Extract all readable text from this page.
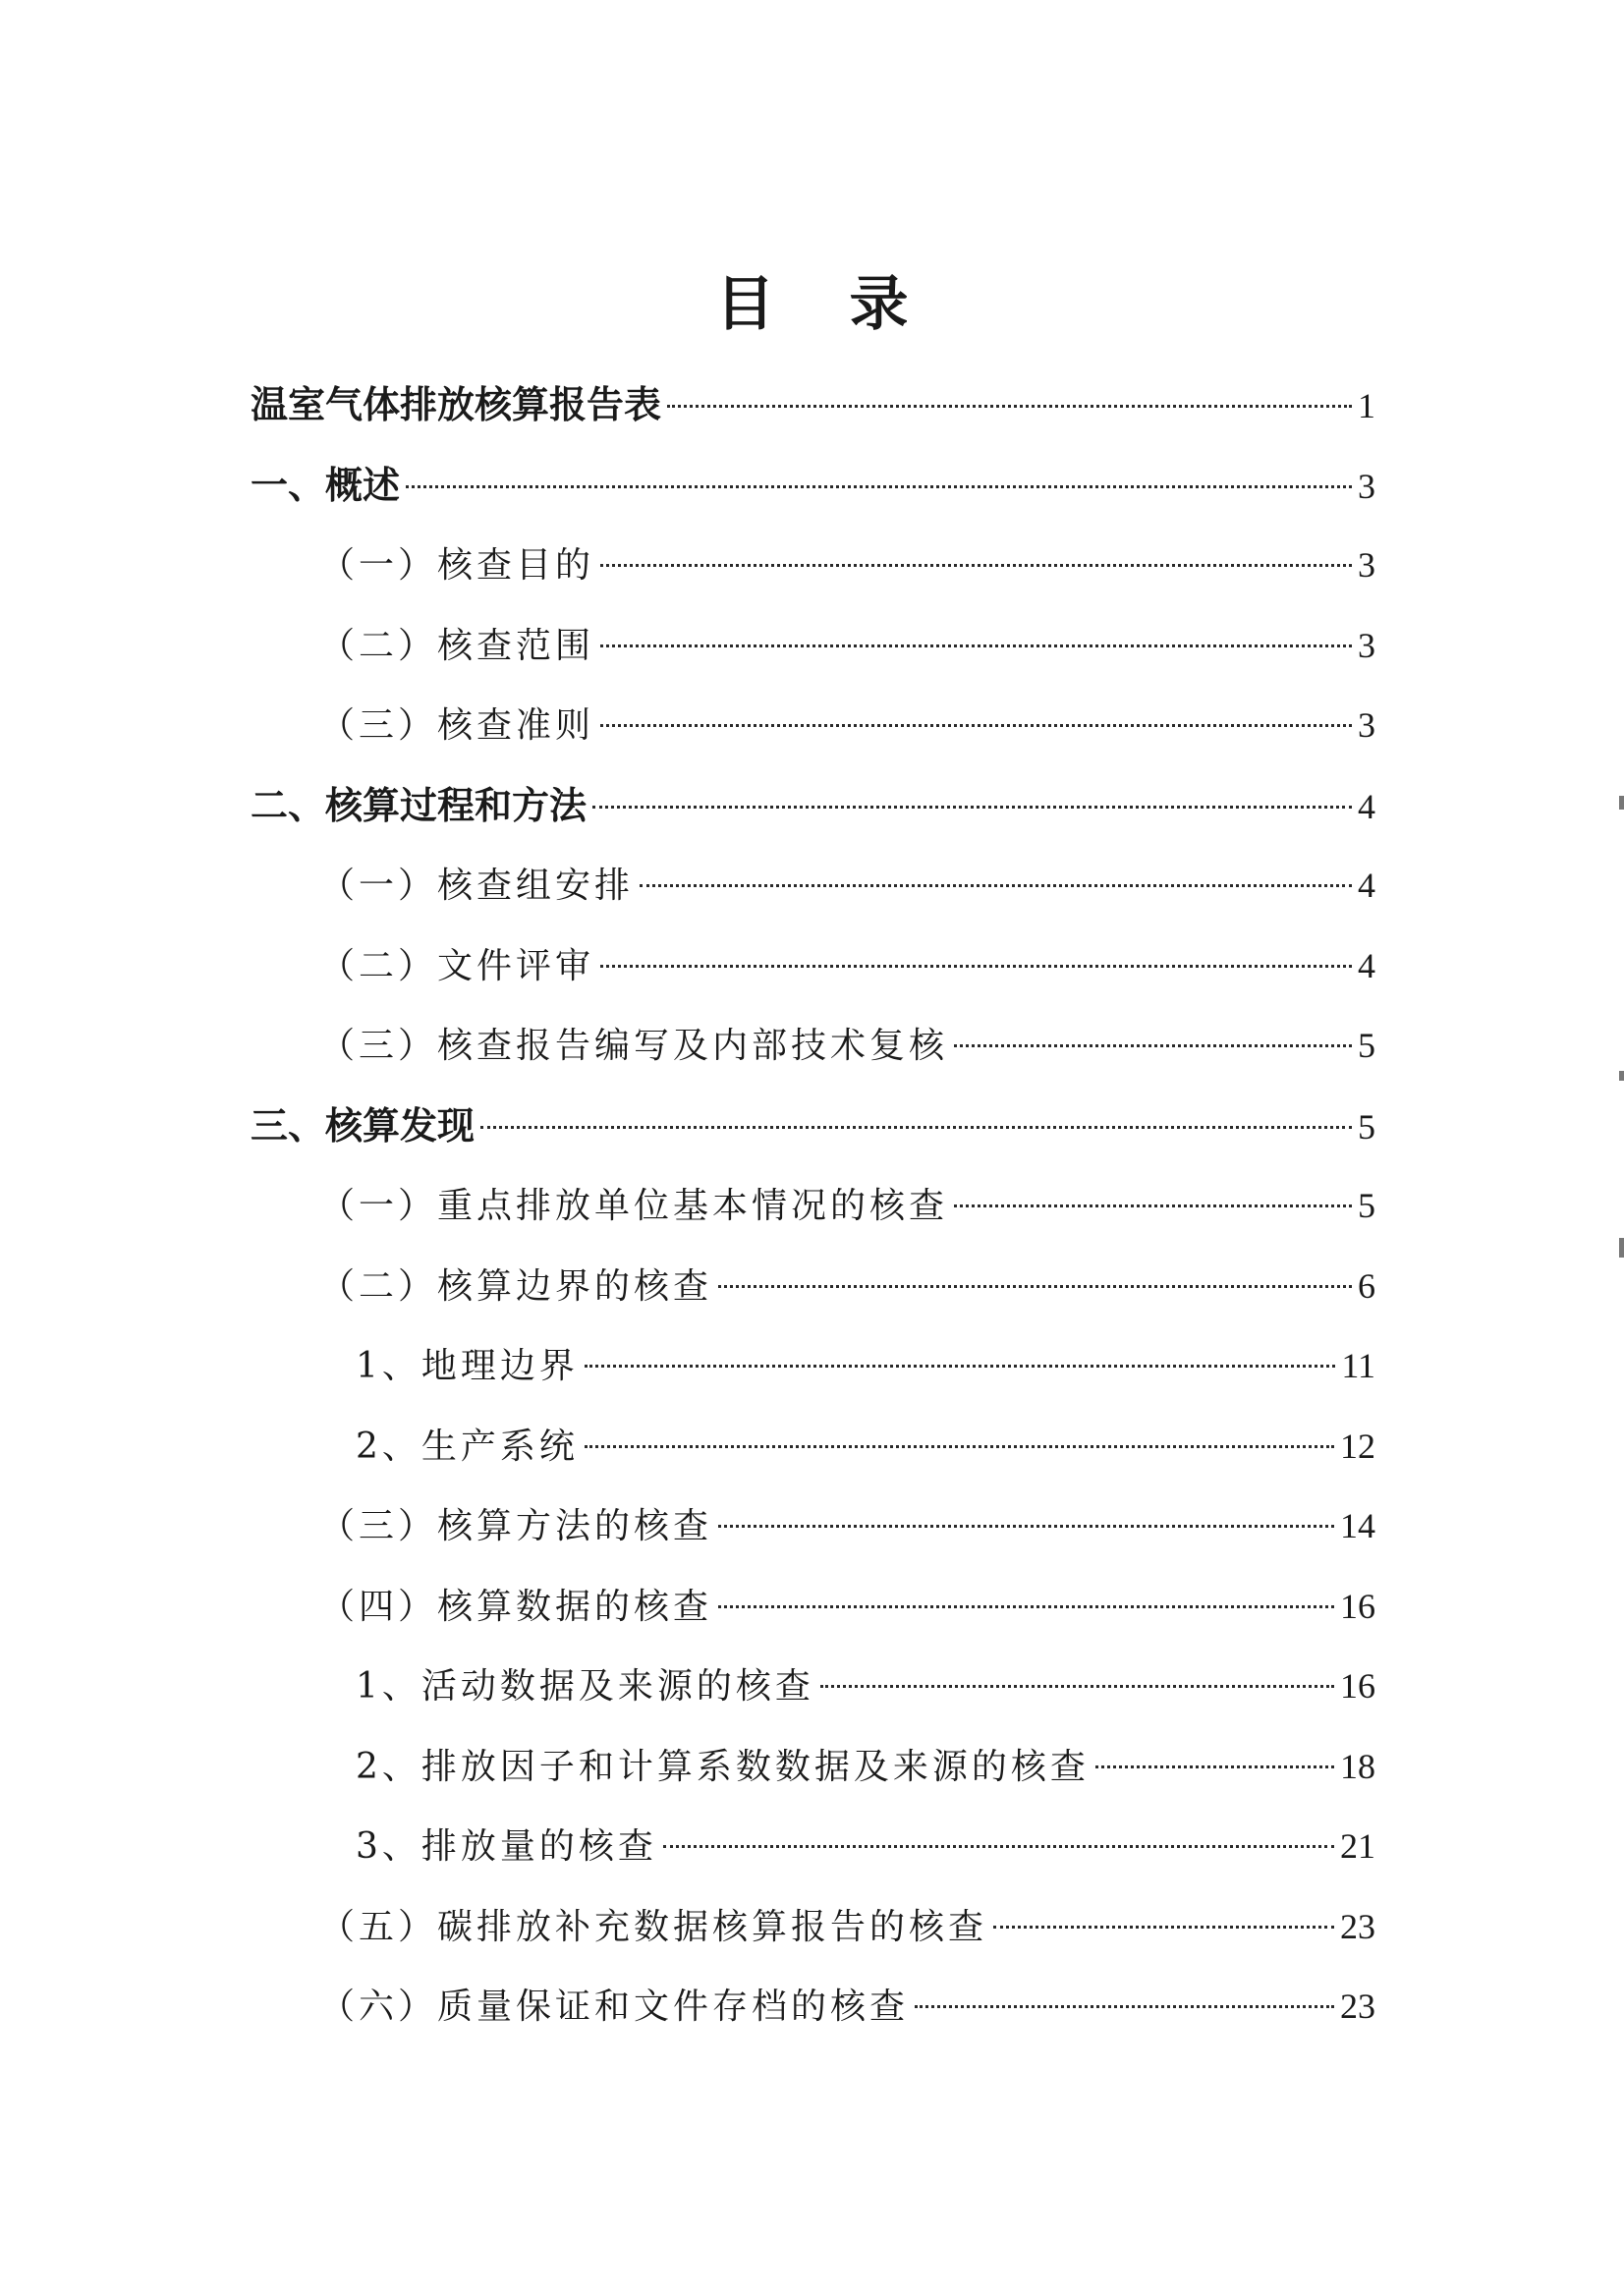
目 录
温室气体排放核算报告表	1
一、概述	3
（一）核查目的	3
（二）核查范围	3
（三）核查准则	3
二、核算过程和方法	4
（一）核查组安排	4
（二）文件评审	4
（三）核查报告编写及内部技术复核	5
三、核算发现	5
（一）重点排放单位基本情况的核查	5
（二）核算边界的核查	6
1、地理边界	11
2、生产系统	12
（三）核算方法的核查	14
（四）核算数据的核查	16
1、活动数据及来源的核查	16
2、排放因子和计算系数数据及来源的核查	18
3、排放量的核查	21
（五）碳排放补充数据核算报告的核查	23
（六）质量保证和文件存档的核查	23
